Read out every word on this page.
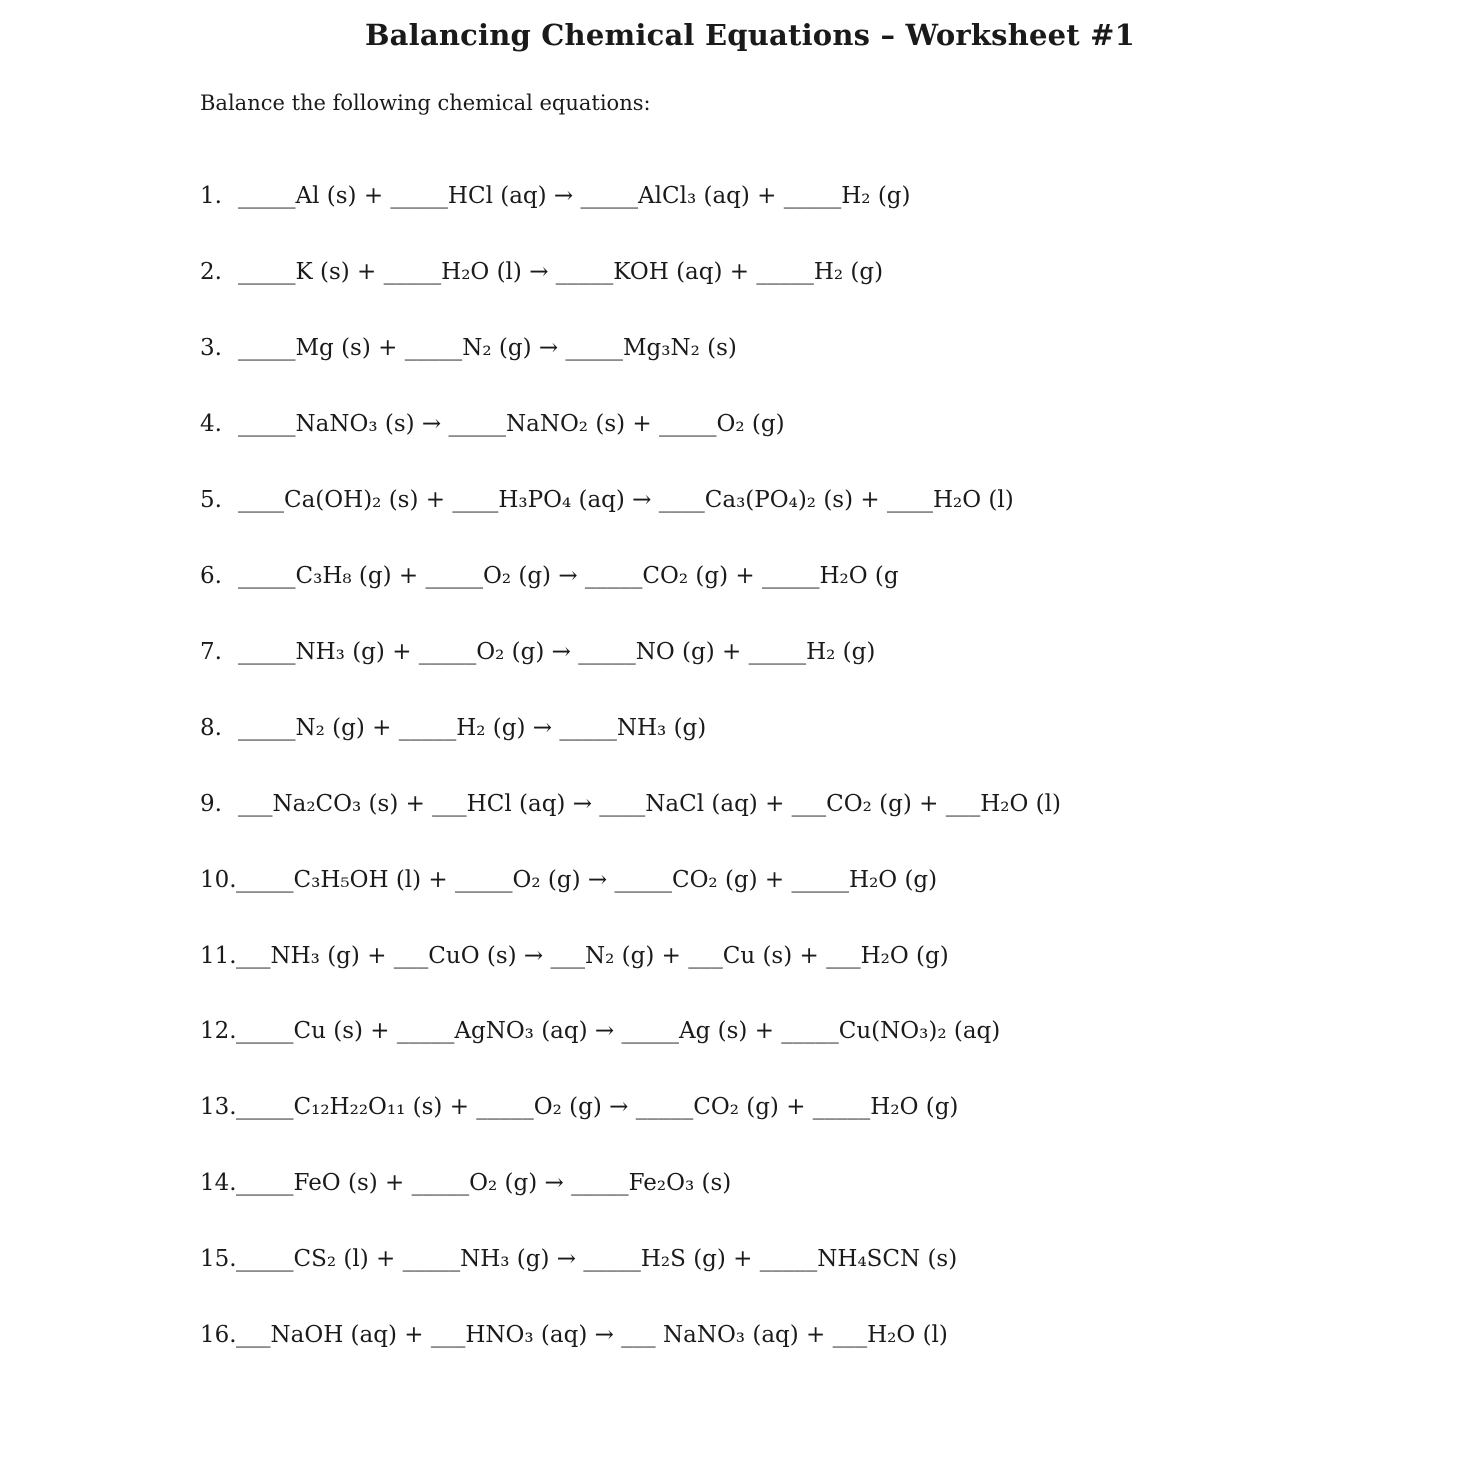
Balancing Chemical Equations – Worksheet #1
Balance the following chemical equations:
1. _____Al (s) + _____HCl (aq) → _____AlCl₃ (aq) + _____H₂ (g)
2. _____K (s) + _____H₂O (l) → _____KOH (aq) + _____H₂ (g)
3. _____Mg (s) + _____N₂ (g) → _____Mg₃N₂ (s)
4. _____NaNO₃ (s) → _____NaNO₂ (s) + _____O₂ (g)
5. ____Ca(OH)₂ (s) + ____H₃PO₄ (aq) → ____Ca₃(PO₄)₂ (s) + ____H₂O (l)
6. _____C₃H₈ (g) + _____O₂ (g) → _____CO₂ (g) + _____H₂O (g
7. _____NH₃ (g) + _____O₂ (g) → _____NO (g) + _____H₂ (g)
8. _____N₂ (g) + _____H₂ (g) → _____NH₃ (g)
9. ___Na₂CO₃ (s) + ___HCl (aq) → ____NaCl (aq) + ___CO₂ (g) + ___H₂O (l)
10._____C₃H₅OH (l) + _____O₂ (g) → _____CO₂ (g) + _____H₂O (g)
11.___NH₃ (g) + ___CuO (s) → ___N₂ (g) + ___Cu (s) + ___H₂O (g)
12._____Cu (s) + _____AgNO₃ (aq) → _____Ag (s) + _____Cu(NO₃)₂ (aq)
13._____C₁₂H₂₂O₁₁ (s) + _____O₂ (g) → _____CO₂ (g) + _____H₂O (g)
14._____FeO (s) + _____O₂ (g) → _____Fe₂O₃ (s)
15._____CS₂ (l) + _____NH₃ (g) → _____H₂S (g) + _____NH₄SCN (s)
16.___NaOH (aq) + ___HNO₃ (aq) → ___ NaNO₃ (aq) + ___H₂O (l)
